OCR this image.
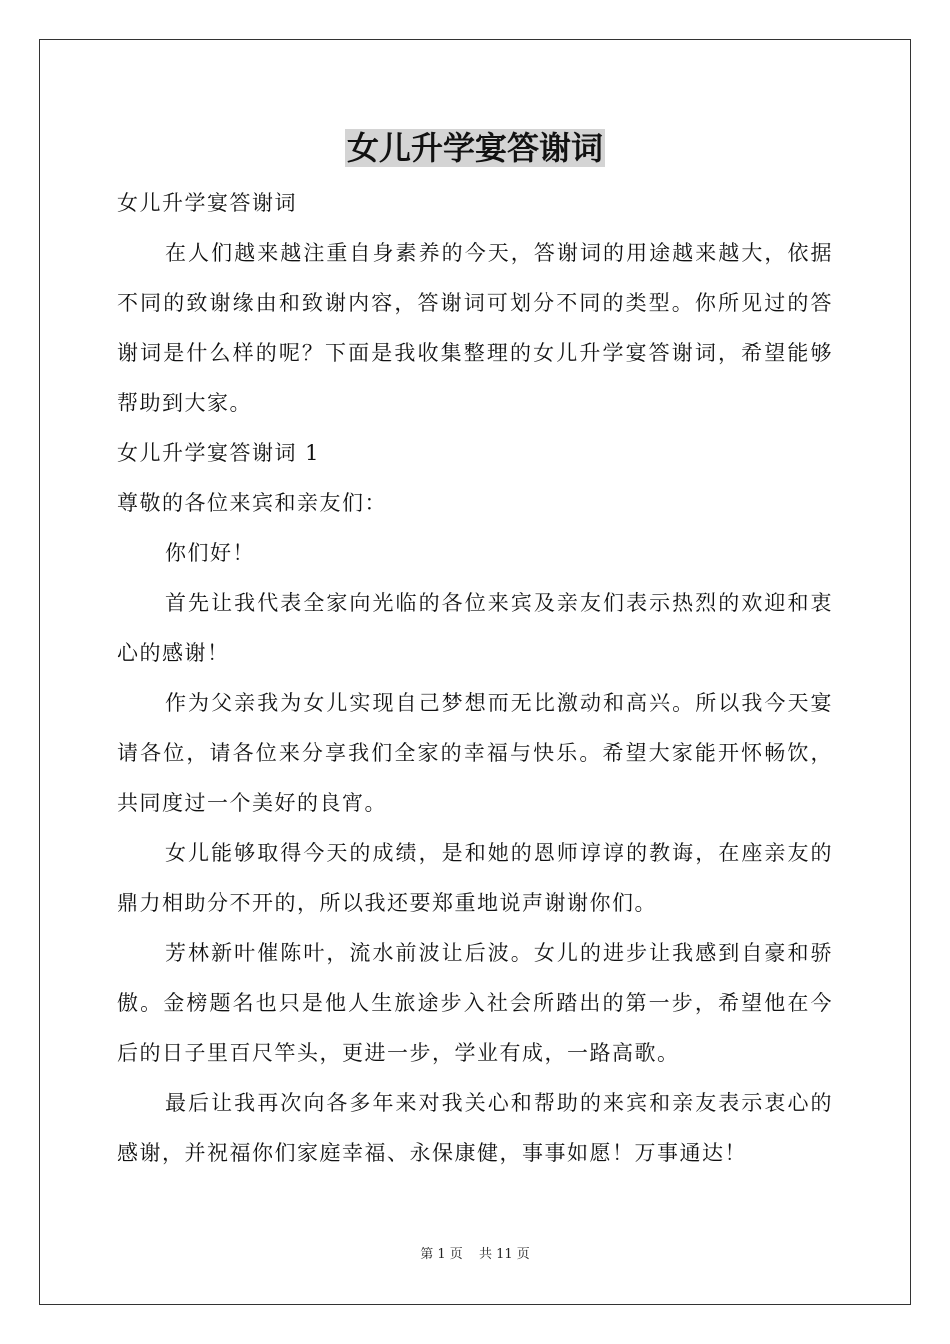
女儿升学宴答谢词

女儿升学宴答谢词

在人们越来越注重自身素养的今天，答谢词的用途越来越大，依据不同的致谢缘由和致谢内容，答谢词可划分不同的类型。你所见过的答谢词是什么样的呢？下面是我收集整理的女儿升学宴答谢词，希望能够帮助到大家。

女儿升学宴答谢词 1

尊敬的各位来宾和亲友们：

你们好！

首先让我代表全家向光临的各位来宾及亲友们表示热烈的欢迎和衷心的感谢！

作为父亲我为女儿实现自己梦想而无比激动和高兴。所以我今天宴请各位，请各位来分享我们全家的幸福与快乐。希望大家能开怀畅饮，共同度过一个美好的良宵。

女儿能够取得今天的成绩，是和她的恩师谆谆的教诲，在座亲友的鼎力相助分不开的，所以我还要郑重地说声谢谢你们。

芳林新叶催陈叶，流水前波让后波。女儿的进步让我感到自豪和骄傲。金榜题名也只是他人生旅途步入社会所踏出的第一步，希望他在今后的日子里百尺竿头，更进一步，学业有成，一路高歌。

最后让我再次向各多年来对我关心和帮助的来宾和亲友表示衷心的感谢，并祝福你们家庭幸福、永保康健，事事如愿！万事通达！

第 1 页 共 11 页
